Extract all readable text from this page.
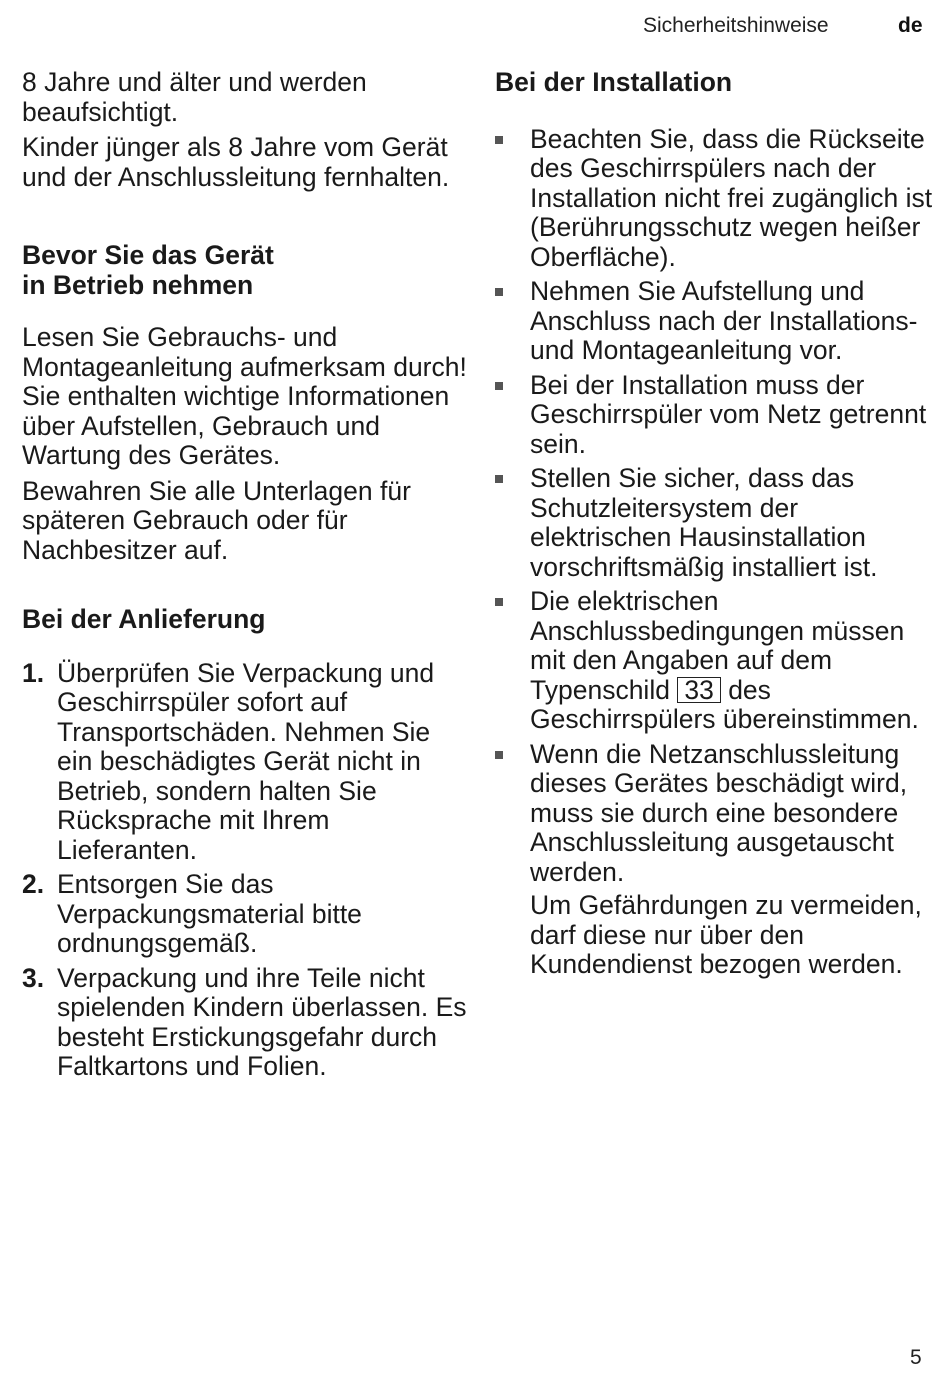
Sicherheitshinweise	de

8 Jahre und älter und werden beaufsichtigt.

Kinder jünger als 8 Jahre vom Gerät und der Anschlussleitung fernhalten.

Bevor Sie das Gerät
in Betrieb nehmen

Lesen Sie Gebrauchs- und Montageanleitung aufmerksam durch! Sie enthalten wichtige Informationen über Aufstellen, Gebrauch und Wartung des Gerätes.

Bewahren Sie alle Unterlagen für späteren Gebrauch oder für Nachbesitzer auf.

Bei der Anlieferung
1. Überprüfen Sie Verpackung und Geschirrspüler sofort auf Transportschäden. Nehmen Sie ein beschädigtes Gerät nicht in Betrieb, sondern halten Sie Rücksprache mit Ihrem Lieferanten.
2. Entsorgen Sie das Verpackungsmaterial bitte ordnungsgemäß.
3. Verpackung und ihre Teile nicht spielenden Kindern überlassen. Es besteht Erstickungsgefahr durch Faltkartons und Folien.
Bei der Installation
Beachten Sie, dass die Rückseite des Geschirrspülers nach der Installation nicht frei zugänglich ist (Berührungsschutz wegen heißer Oberfläche).
Nehmen Sie Aufstellung und Anschluss nach der Installations- und Montageanleitung vor.
Bei der Installation muss der Geschirrspüler vom Netz getrennt sein.
Stellen Sie sicher, dass das Schutzleitersystem der elektrischen Hausinstallation vorschriftsmäßig installiert ist.
Die elektrischen Anschlussbedingungen müssen mit den Angaben auf dem Typenschild 33 des Geschirrspülers übereinstimmen.
Wenn die Netzanschlussleitung dieses Gerätes beschädigt wird, muss sie durch eine besondere Anschlussleitung ausgetauscht werden.

Um Gefährdungen zu vermeiden, darf diese nur über den Kundendienst bezogen werden.

5
